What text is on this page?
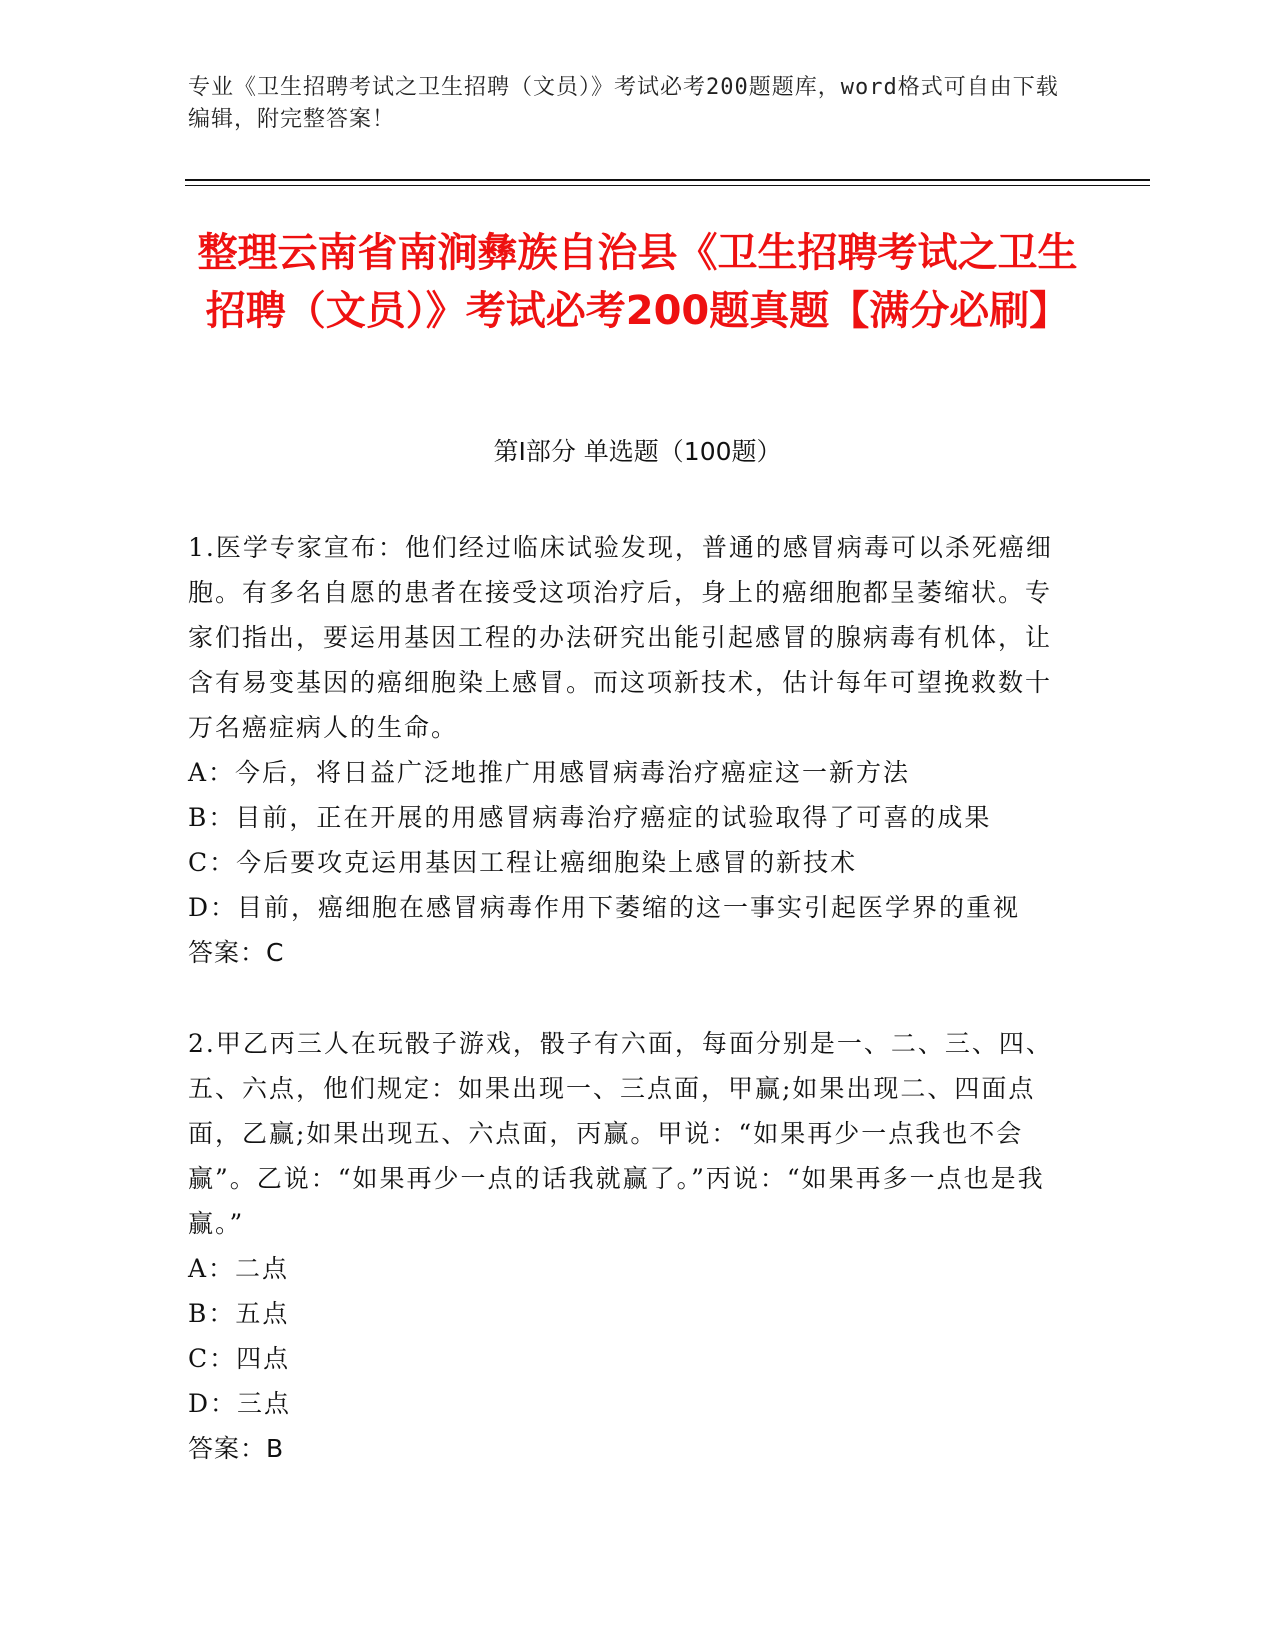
专业《卫生招聘考试之卫生招聘（文员）》考试必考200题题库，word格式可自由下载编辑，附完整答案！
整理云南省南涧彝族自治县《卫生招聘考试之卫生招聘（文员）》考试必考200题真题【满分必刷】
第Ⅰ部分 单选题（100题）

1.医学专家宣布：他们经过临床试验发现，普通的感冒病毒可以杀死癌细胞。有多名自愿的患者在接受这项治疗后，身上的癌细胞都呈萎缩状。专家们指出，要运用基因工程的办法研究出能引起感冒的腺病毒有机体，让含有易变基因的癌细胞染上感冒。而这项新技术，估计每年可望挽救数十万名癌症病人的生命。

A：今后，将日益广泛地推广用感冒病毒治疗癌症这一新方法

B：目前，正在开展的用感冒病毒治疗癌症的试验取得了可喜的成果

C：今后要攻克运用基因工程让癌细胞染上感冒的新技术

D：目前，癌细胞在感冒病毒作用下萎缩的这一事实引起医学界的重视

答案：C

2.甲乙丙三人在玩骰子游戏，骰子有六面，每面分别是一、二、三、四、五、六点，他们规定：如果出现一、三点面，甲赢;如果出现二、四面点面，乙赢;如果出现五、六点面，丙赢。甲说：“如果再少一点我也不会赢”。乙说：“如果再少一点的话我就赢了。”丙说：“如果再多一点也是我赢。”

A：二点

B：五点

C：四点

D：三点

答案：B
